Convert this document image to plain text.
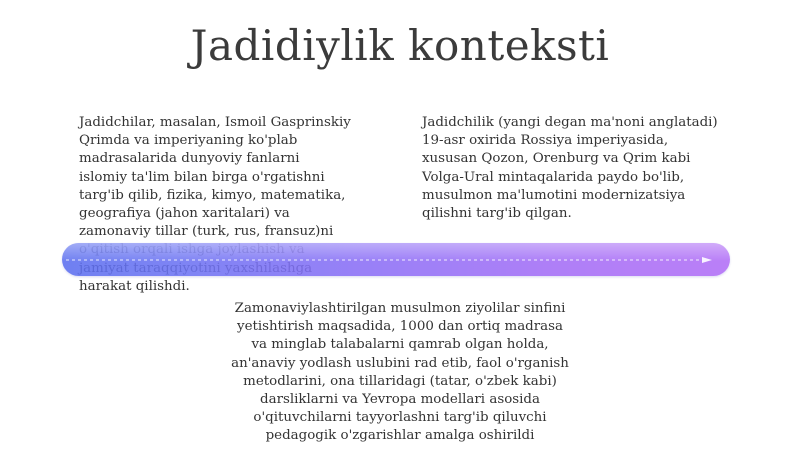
Jadidiylik konteksti
Jadidchilar, masalan, Ismoil Gasprinskiy
Qrimda va imperiyaning ko'plab
madrasalarida dunyoviy fanlarni
islomiy ta'lim bilan birga o'rgatishni
targ'ib qilib, fizika, kimyo, matematika,
geografiya (jahon xaritalari) va
zamonaviy tillar (turk, rus, fransuz)ni

harakat qilishdi.
Jadidchilik (yangi degan ma'noni anglatadi)
19-asr oxirida Rossiya imperiyasida,
xususan Qozon, Orenburg va Qrim kabi
Volga-Ural mintaqalarida paydo bo'lib,
musulmon ma'lumotini modernizatsiya
qilishni targ'ib qilgan.
Zamonaviylashtirilgan musulmon ziyolilar sinfini
yetishtirish maqsadida, 1000 dan ortiq madrasa
va minglab talabalarni qamrab olgan holda,
an'anaviy yodlash uslubini rad etib, faol o'rganish
metodlarini, ona tillaridagi (tatar, o'zbek kabi)
darsliklarni va Yevropa modellari asosida
o'qituvchilarni tayyorlashni targ'ib qiluvchi
pedagogik o'zgarishlar amalga oshirildi
